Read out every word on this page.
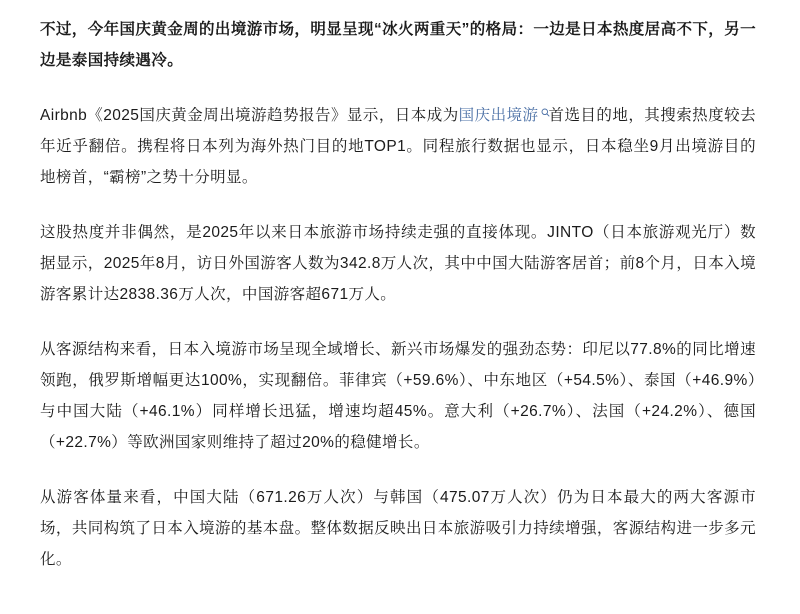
不过，今年国庆黄金周的出境游市场，明显呈现“冰火两重天”的格局：一边是日本热度居高不下，另一边是泰国持续遇冷。

Airbnb《2025国庆黄金周出境游趋势报告》显示，日本成为国庆出境游 首选目的地，其搜索热度较去年近乎翻倍。携程将日本列为海外热门目的地TOP1。同程旅行数据也显示，日本稳坐9月出境游目的地榜首，“霸榜”之势十分明显。

这股热度并非偶然，是2025年以来日本旅游市场持续走强的直接体现。JINTO（日本旅游观光厅）数据显示，2025年8月，访日外国游客人数为342.8万人次，其中中国大陆游客居首；前8个月，日本入境游客累计达2838.36万人次，中国游客超671万人。

从客源结构来看，日本入境游市场呈现全域增长、新兴市场爆发的强劲态势：印尼以77.8%的同比增速领跑，俄罗斯增幅更达100%，实现翻倍。菲律宾（+59.6%）、中东地区（+54.5%）、泰国（+46.9%）与中国大陆（+46.1%）同样增长迅猛，增速均超45%。意大利（+26.7%）、法国（+24.2%）、德国（+22.7%）等欧洲国家则维持了超过20%的稳健增长。

从游客体量来看，中国大陆（671.26万人次）与韩国（475.07万人次）仍为日本最大的两大客源市场，共同构筑了日本入境游的基本盘。整体数据反映出日本旅游吸引力持续增强，客源结构进一步多元化。
